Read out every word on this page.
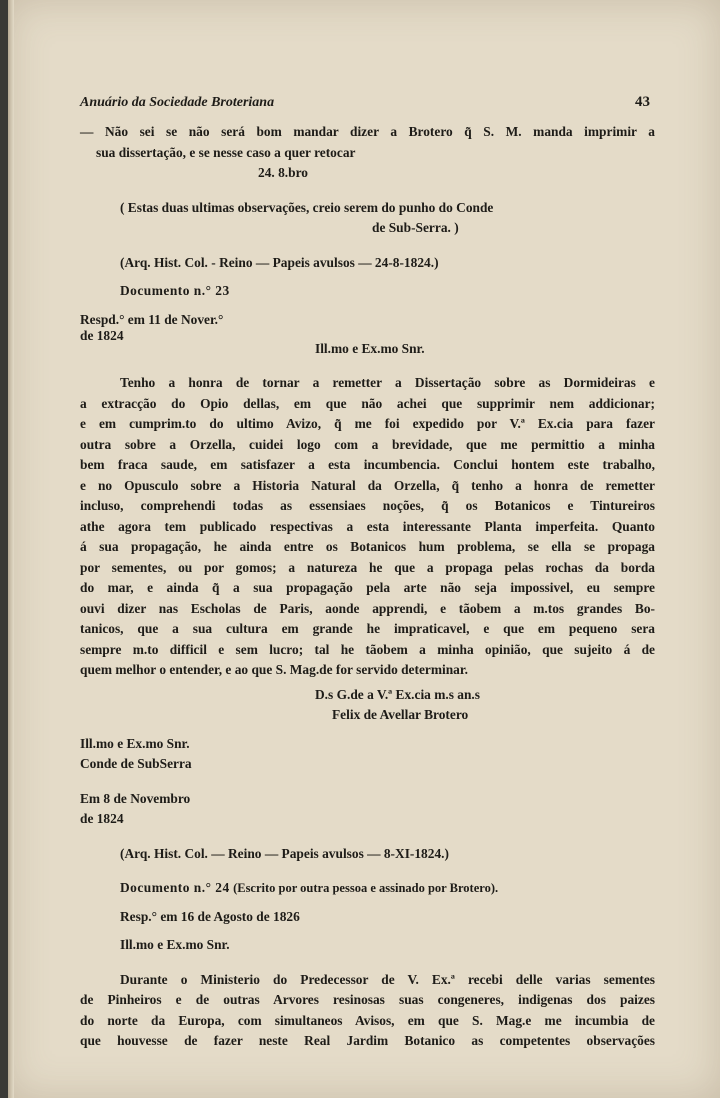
Anuário da Sociedade Broteriana	43

— Não sei se não será bom mandar dizer a Brotero q̃ S. M. manda imprimir a

sua dissertação, e se nesse caso a quer retocar

24. 8.bro

( Estas duas ultimas observações, creio serem do punho do Conde

de Sub-Serra. )

(Arq. Hist. Col. - Reino — Papeis avulsos — 24-8-1824.)

Documento n.° 23

Respd.° em 11 de Nover.°

de 1824

Ill.mo e Ex.mo Snr.

Tenho a honra de tornar a remetter a Dissertação sobre as Dormideiras e

a extracção do Opio dellas, em que não achei que supprimir nem addicionar;

e em cumprim.to do ultimo Avizo, q̃ me foi expedido por V.ª Ex.cia para fazer

outra sobre a Orzella, cuidei logo com a brevidade, que me permittio a minha

bem fraca saude, em satisfazer a esta incumbencia. Conclui hontem este trabalho,

e no Opusculo sobre a Historia Natural da Orzella, q̃ tenho a honra de remetter

incluso, comprehendi todas as essensiaes noções, q̃ os Botanicos e Tintureiros

athe agora tem publicado respectivas a esta interessante Planta imperfeita. Quanto

á sua propagação, he ainda entre os Botanicos hum problema, se ella se propaga

por sementes, ou por gomos; a natureza he que a propaga pelas rochas da borda

do mar, e ainda q̃ a sua propagação pela arte não seja impossivel, eu sempre

ouvi dizer nas Escholas de Paris, aonde apprendi, e tãobem a m.tos grandes Bo-

tanicos, que a sua cultura em grande he impraticavel, e que em pequeno sera

sempre m.to difficil e sem lucro; tal he tãobem a minha opinião, que sujeito á de

quem melhor o entender, e ao que S. Mag.de for servido determinar.

D.s G.de a V.ª Ex.cia m.s an.s

Felix de Avellar Brotero

Ill.mo e Ex.mo Snr.

Conde de SubSerra

Em 8 de Novembro

de 1824

(Arq. Hist. Col. — Reino — Papeis avulsos — 8-XI-1824.)

Documento n.° 24 (Escrito por outra pessoa e assinado por Brotero).

Resp.° em 16 de Agosto de 1826

Ill.mo e Ex.mo Snr.

Durante o Ministerio do Predecessor de V. Ex.ª recebi delle varias sementes

de Pinheiros e de outras Arvores resinosas suas congeneres, indigenas dos paizes

do norte da Europa, com simultaneos Avisos, em que S. Mag.e me incumbia de

que houvesse de fazer neste Real Jardim Botanico as competentes observações
